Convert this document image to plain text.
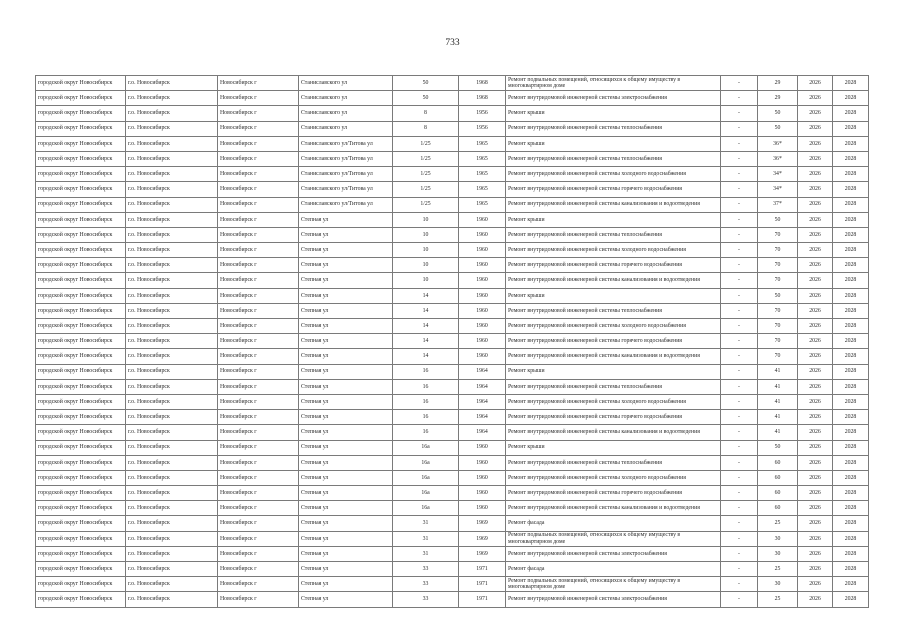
733
городской округ Новосибирск	г.о. Новосибирск	Новосибирск г	Станиславского ул	50	1968	Ремонт подвальных помещений, относящихся к общему имуществу в многоквартирном доме	-	29	2026	2028
городской округ Новосибирск	г.о. Новосибирск	Новосибирск г	Станиславского ул	50	1968	Ремонт внутридомовой инженерной системы электроснабжения	-	29	2026	2028
городской округ Новосибирск	г.о. Новосибирск	Новосибирск г	Станиславского ул	8	1956	Ремонт крыши	-	50	2026	2028
городской округ Новосибирск	г.о. Новосибирск	Новосибирск г	Станиславского ул	8	1956	Ремонт внутридомовой инженерной системы теплоснабжения	-	50	2026	2028
городской округ Новосибирск	г.о. Новосибирск	Новосибирск г	Станиславского ул/Титова ул	1/25	1965	Ремонт крыши	-	36*	2026	2028
городской округ Новосибирск	г.о. Новосибирск	Новосибирск г	Станиславского ул/Титова ул	1/25	1965	Ремонт внутридомовой инженерной системы теплоснабжения	-	36*	2026	2028
городской округ Новосибирск	г.о. Новосибирск	Новосибирск г	Станиславского ул/Титова ул	1/25	1965	Ремонт внутридомовой инженерной системы холодного водоснабжения	-	34*	2026	2028
городской округ Новосибирск	г.о. Новосибирск	Новосибирск г	Станиславского ул/Титова ул	1/25	1965	Ремонт внутридомовой инженерной системы горячего водоснабжения	-	34*	2026	2028
городской округ Новосибирск	г.о. Новосибирск	Новосибирск г	Станиславского ул/Титова ул	1/25	1965	Ремонт внутридомовой инженерной системы канализования и водоотведения	-	37*	2026	2028
городской округ Новосибирск	г.о. Новосибирск	Новосибирск г	Степная ул	10	1960	Ремонт крыши	-	50	2026	2028
городской округ Новосибирск	г.о. Новосибирск	Новосибирск г	Степная ул	10	1960	Ремонт внутридомовой инженерной системы теплоснабжения	-	70	2026	2028
городской округ Новосибирск	г.о. Новосибирск	Новосибирск г	Степная ул	10	1960	Ремонт внутридомовой инженерной системы холодного водоснабжения	-	70	2026	2028
городской округ Новосибирск	г.о. Новосибирск	Новосибирск г	Степная ул	10	1960	Ремонт внутридомовой инженерной системы горячего водоснабжения	-	70	2026	2028
городской округ Новосибирск	г.о. Новосибирск	Новосибирск г	Степная ул	10	1960	Ремонт внутридомовой инженерной системы канализования и водоотведения	-	70	2026	2028
городской округ Новосибирск	г.о. Новосибирск	Новосибирск г	Степная ул	14	1960	Ремонт крыши	-	50	2026	2028
городской округ Новосибирск	г.о. Новосибирск	Новосибирск г	Степная ул	14	1960	Ремонт внутридомовой инженерной системы теплоснабжения	-	70	2026	2028
городской округ Новосибирск	г.о. Новосибирск	Новосибирск г	Степная ул	14	1960	Ремонт внутридомовой инженерной системы холодного водоснабжения	-	70	2026	2028
городской округ Новосибирск	г.о. Новосибирск	Новосибирск г	Степная ул	14	1960	Ремонт внутридомовой инженерной системы горячего водоснабжения	-	70	2026	2028
городской округ Новосибирск	г.о. Новосибирск	Новосибирск г	Степная ул	14	1960	Ремонт внутридомовой инженерной системы канализования и водоотведения	-	70	2026	2028
городской округ Новосибирск	г.о. Новосибирск	Новосибирск г	Степная ул	16	1964	Ремонт крыши	-	41	2026	2028
городской округ Новосибирск	г.о. Новосибирск	Новосибирск г	Степная ул	16	1964	Ремонт внутридомовой инженерной системы теплоснабжения	-	41	2026	2028
городской округ Новосибирск	г.о. Новосибирск	Новосибирск г	Степная ул	16	1964	Ремонт внутридомовой инженерной системы холодного водоснабжения	-	41	2026	2028
городской округ Новосибирск	г.о. Новосибирск	Новосибирск г	Степная ул	16	1964	Ремонт внутридомовой инженерной системы горячего водоснабжения	-	41	2026	2028
городской округ Новосибирск	г.о. Новосибирск	Новосибирск г	Степная ул	16	1964	Ремонт внутридомовой инженерной системы канализования и водоотведения	-	41	2026	2028
городской округ Новосибирск	г.о. Новосибирск	Новосибирск г	Степная ул	16а	1960	Ремонт крыши	-	50	2026	2028
городской округ Новосибирск	г.о. Новосибирск	Новосибирск г	Степная ул	16а	1960	Ремонт внутридомовой инженерной системы теплоснабжения	-	60	2026	2028
городской округ Новосибирск	г.о. Новосибирск	Новосибирск г	Степная ул	16а	1960	Ремонт внутридомовой инженерной системы холодного водоснабжения	-	60	2026	2028
городской округ Новосибирск	г.о. Новосибирск	Новосибирск г	Степная ул	16а	1960	Ремонт внутридомовой инженерной системы горячего водоснабжения	-	60	2026	2028
городской округ Новосибирск	г.о. Новосибирск	Новосибирск г	Степная ул	16а	1960	Ремонт внутридомовой инженерной системы канализования и водоотведения	-	60	2026	2028
городской округ Новосибирск	г.о. Новосибирск	Новосибирск г	Степная ул	31	1969	Ремонт фасада	-	25	2026	2028
городской округ Новосибирск	г.о. Новосибирск	Новосибирск г	Степная ул	31	1969	Ремонт подвальных помещений, относящихся к общему имуществу в многоквартирном доме	-	30	2026	2028
городской округ Новосибирск	г.о. Новосибирск	Новосибирск г	Степная ул	31	1969	Ремонт внутридомовой инженерной системы электроснабжения	-	30	2026	2028
городской округ Новосибирск	г.о. Новосибирск	Новосибирск г	Степная ул	33	1971	Ремонт фасада	-	25	2026	2028
городской округ Новосибирск	г.о. Новосибирск	Новосибирск г	Степная ул	33	1971	Ремонт подвальных помещений, относящихся к общему имуществу в многоквартирном доме	-	30	2026	2028
городской округ Новосибирск	г.о. Новосибирск	Новосибирск г	Степная ул	33	1971	Ремонт внутридомовой инженерной системы электроснабжения	-	25	2026	2028
